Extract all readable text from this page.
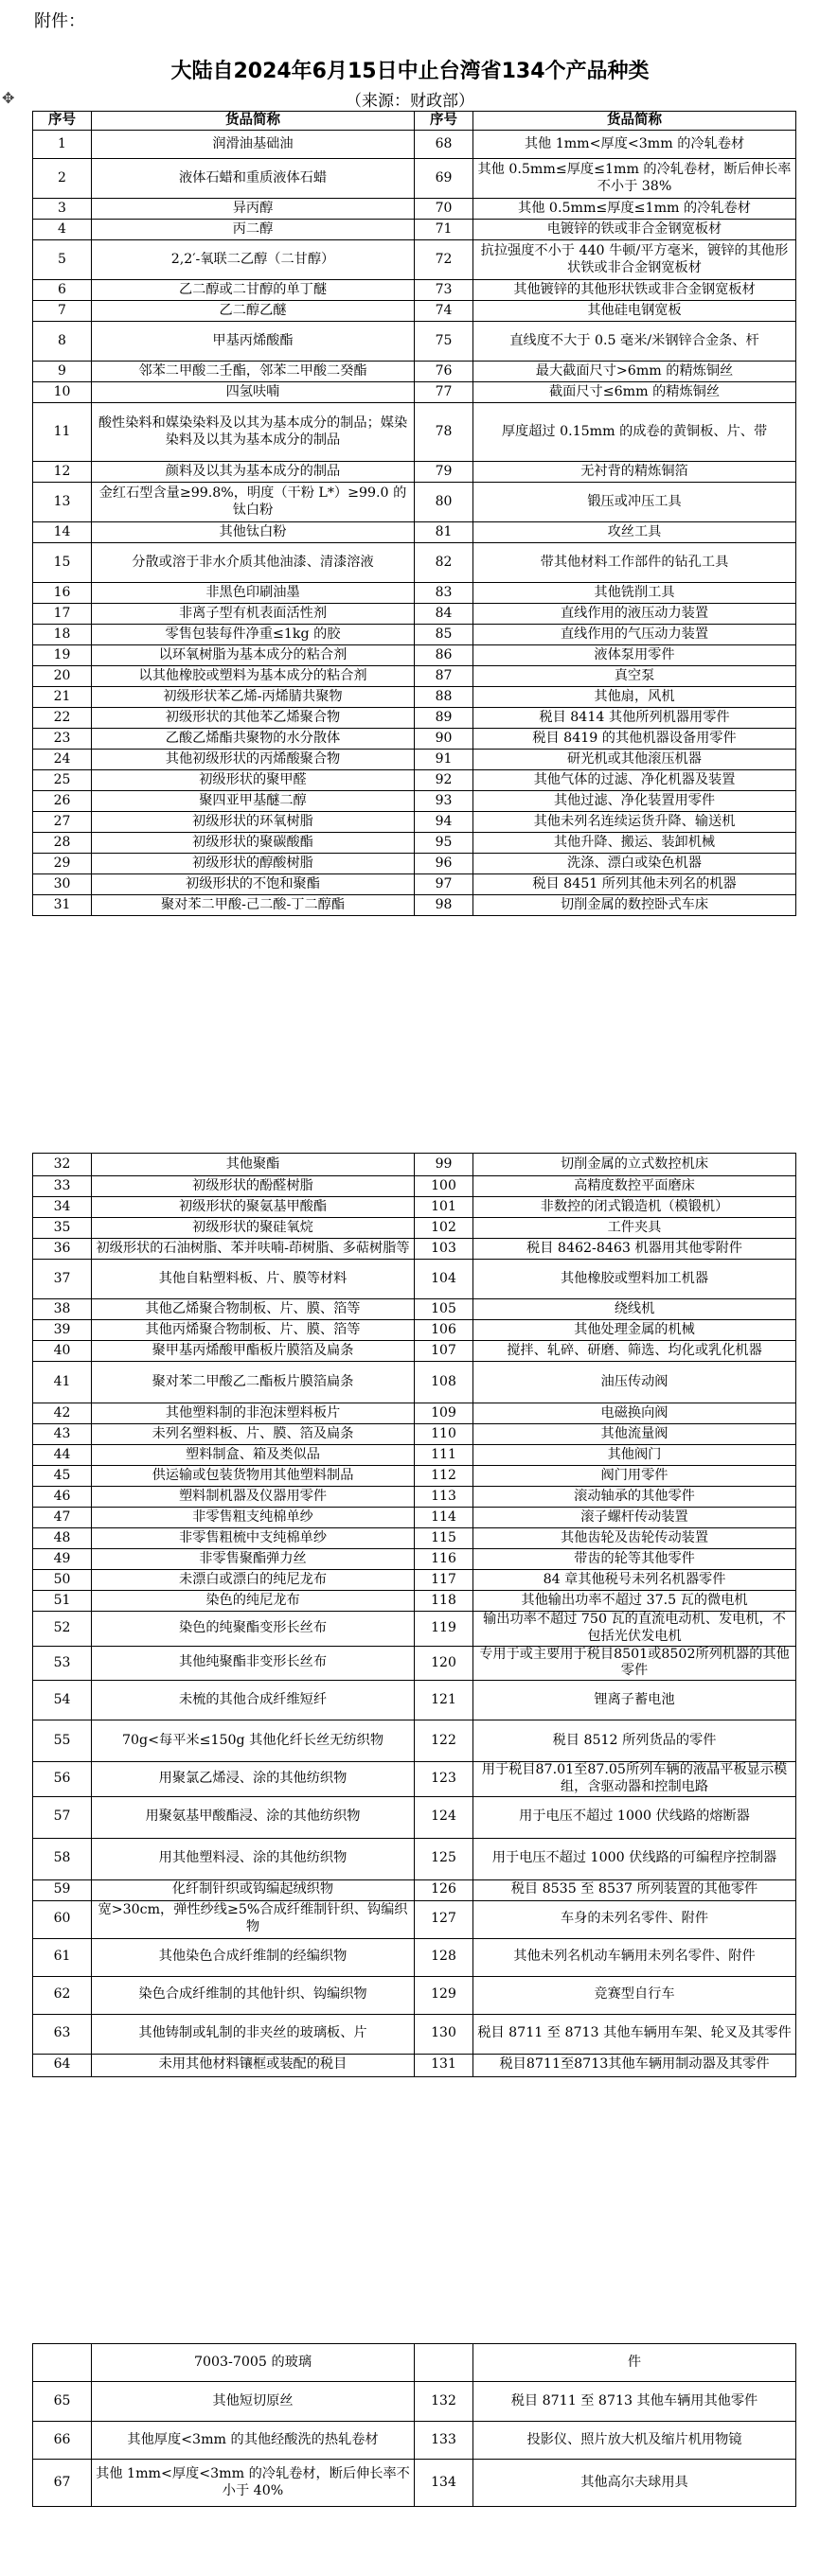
附件：
大陆自2024年6月15日中止台湾省134个产品种类
✥	（来源：财政部）
序号	货品简称	序号	货品简称
1	润滑油基础油	68	其他 1mm<厚度<3mm 的冷轧卷材
2	液体石蜡和重质液体石蜡	69	其他 0.5mm≤厚度≤1mm 的冷轧卷材，断后伸长率不小于 38%
3	异丙醇	70	其他 0.5mm≤厚度≤1mm 的冷轧卷材
4	丙二醇	71	电镀锌的铁或非合金钢宽板材
5	2,2′-氧联二乙醇（二甘醇）	72	抗拉强度不小于 440 牛顿/平方毫米，镀锌的其他形状铁或非合金钢宽板材
6	乙二醇或二甘醇的单丁醚	73	其他镀锌的其他形状铁或非合金钢宽板材
7	乙二醇乙醚	74	其他硅电钢宽板
8	甲基丙烯酸酯	75	直线度不大于 0.5 毫米/米钢锌合金条、杆
9	邻苯二甲酸二壬酯，邻苯二甲酸二癸酯	76	最大截面尺寸>6mm 的精炼铜丝
10	四氢呋喃	77	截面尺寸≤6mm 的精炼铜丝
11	酸性染料和媒染染料及以其为基本成分的制品；媒染染料及以其为基本成分的制品	78	厚度超过 0.15mm 的成卷的黄铜板、片、带
12	颜料及以其为基本成分的制品	79	无衬背的精炼铜箔
13	金红石型含量≥99.8%，明度（干粉 L*）≥99.0 的钛白粉	80	锻压或冲压工具
14	其他钛白粉	81	攻丝工具
15	分散或溶于非水介质其他油漆、清漆溶液	82	带其他材料工作部件的钻孔工具
16	非黑色印刷油墨	83	其他铣削工具
17	非离子型有机表面活性剂	84	直线作用的液压动力装置
18	零售包装每件净重≤1kg 的胶	85	直线作用的气压动力装置
19	以环氧树脂为基本成分的粘合剂	86	液体泵用零件
20	以其他橡胶或塑料为基本成分的粘合剂	87	真空泵
21	初级形状苯乙烯-丙烯腈共聚物	88	其他扇，风机
22	初级形状的其他苯乙烯聚合物	89	税目 8414 其他所列机器用零件
23	乙酸乙烯酯共聚物的水分散体	90	税目 8419 的其他机器设备用零件
24	其他初级形状的丙烯酸聚合物	91	研光机或其他滚压机器
25	初级形状的聚甲醛	92	其他气体的过滤、净化机器及装置
26	聚四亚甲基醚二醇	93	其他过滤、净化装置用零件
27	初级形状的环氧树脂	94	其他未列名连续运货升降、输送机
28	初级形状的聚碳酸酯	95	其他升降、搬运、装卸机械
29	初级形状的醇酸树脂	96	洗涤、漂白或染色机器
30	初级形状的不饱和聚酯	97	税目 8451 所列其他未列名的机器
31	聚对苯二甲酸-己二酸-丁二醇酯	98	切削金属的数控卧式车床
32	其他聚酯	99	切削金属的立式数控机床
33	初级形状的酚醛树脂	100	高精度数控平面磨床
34	初级形状的聚氨基甲酸酯	101	非数控的闭式锻造机（模锻机）
35	初级形状的聚硅氧烷	102	工件夹具
36	初级形状的石油树脂、苯并呋喃-茚树脂、多萜树脂等	103	税目 8462-8463 机器用其他零附件
37	其他自粘塑料板、片、膜等材料	104	其他橡胶或塑料加工机器
38	其他乙烯聚合物制板、片、膜、箔等	105	绕线机
39	其他丙烯聚合物制板、片、膜、箔等	106	其他处理金属的机械
40	聚甲基丙烯酸甲酯板片膜箔及扁条	107	搅拌、轧碎、研磨、筛选、均化或乳化机器
41	聚对苯二甲酸乙二酯板片膜箔扁条	108	油压传动阀
42	其他塑料制的非泡沫塑料板片	109	电磁换向阀
43	未列名塑料板、片、膜、箔及扁条	110	其他流量阀
44	塑料制盒、箱及类似品	111	其他阀门
45	供运输或包装货物用其他塑料制品	112	阀门用零件
46	塑料制机器及仪器用零件	113	滚动轴承的其他零件
47	非零售粗支纯棉单纱	114	滚子螺杆传动装置
48	非零售粗梳中支纯棉单纱	115	其他齿轮及齿轮传动装置
49	非零售聚酯弹力丝	116	带齿的轮等其他零件
50	未漂白或漂白的纯尼龙布	117	84 章其他税号未列名机器零件
51	染色的纯尼龙布	118	其他输出功率不超过 37.5 瓦的微电机
52	染色的纯聚酯变形长丝布	119	输出功率不超过 750 瓦的直流电动机、发电机，不包括光伏发电机
53	其他纯聚酯非变形长丝布	120	专用于或主要用于税目8501或8502所列机器的其他零件
54	未梳的其他合成纤维短纤	121	锂离子蓄电池
55	70g<每平米≤150g 其他化纤长丝无纺织物	122	税目 8512 所列货品的零件
56	用聚氯乙烯浸、涂的其他纺织物	123	用于税目87.01至87.05所列车辆的液晶平板显示模组，含驱动器和控制电路
57	用聚氨基甲酸酯浸、涂的其他纺织物	124	用于电压不超过 1000 伏线路的熔断器
58	用其他塑料浸、涂的其他纺织物	125	用于电压不超过 1000 伏线路的可编程序控制器
59	化纤制针织或钩编起绒织物	126	税目 8535 至 8537 所列装置的其他零件
60	宽>30cm，弹性纱线≥5%合成纤维制针织、钩编织物	127	车身的未列名零件、附件
61	其他染色合成纤维制的经编织物	128	其他未列名机动车辆用未列名零件、附件
62	染色合成纤维制的其他针织、钩编织物	129	竞赛型自行车
63	其他铸制或轧制的非夹丝的玻璃板、片	130	税目 8711 至 8713 其他车辆用车架、轮叉及其零件
64	未用其他材料镶框或装配的税目	131	税目8711至8713其他车辆用制动器及其零件
	7003-7005 的玻璃		件
65	其他短切原丝	132	税目 8711 至 8713 其他车辆用其他零件
66	其他厚度<3mm 的其他经酸洗的热轧卷材	133	投影仪、照片放大机及缩片机用物镜
67	其他 1mm<厚度<3mm 的冷轧卷材，断后伸长率不小于 40%	134	其他高尔夫球用具
